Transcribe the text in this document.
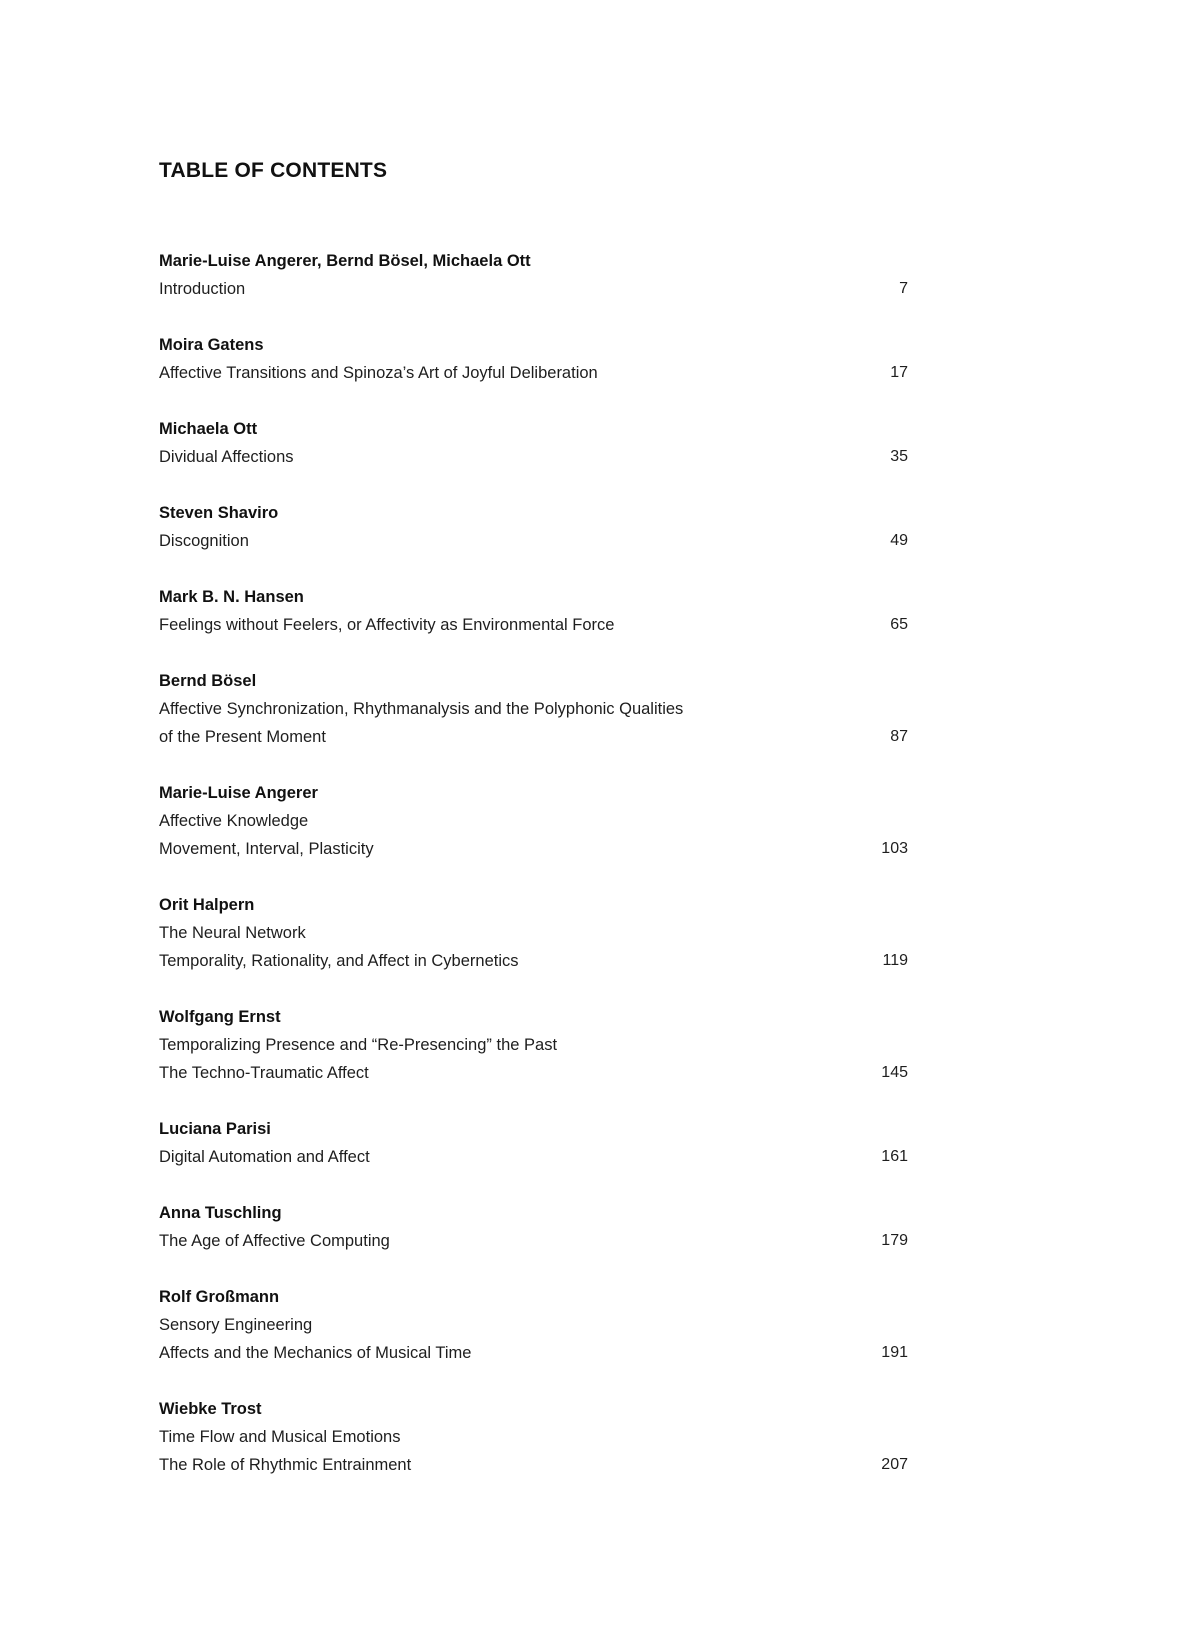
TABLE OF CONTENTS
Marie-Luise Angerer, Bernd Bösel, Michaela Ott
Introduction	7
Moira Gatens
Affective Transitions and Spinoza’s Art of Joyful Deliberation	17
Michaela Ott
Dividual Affections	35
Steven Shaviro
Discognition	49
Mark B. N. Hansen
Feelings without Feelers, or Affectivity as Environmental Force	65
Bernd Bösel
Affective Synchronization, Rhythmanalysis and the Polyphonic Qualities
of the Present Moment	87
Marie-Luise Angerer
Affective Knowledge
Movement, Interval, Plasticity	103
Orit Halpern
The Neural Network
Temporality, Rationality, and Affect in Cybernetics	119
Wolfgang Ernst
Temporalizing Presence and “Re-Presencing” the Past
The Techno-Traumatic Affect	145
Luciana Parisi
Digital Automation and Affect	161
Anna Tuschling
The Age of Affective Computing	179
Rolf Großmann
Sensory Engineering
Affects and the Mechanics of Musical Time	191
Wiebke Trost
Time Flow and Musical Emotions
The Role of Rhythmic Entrainment	207
